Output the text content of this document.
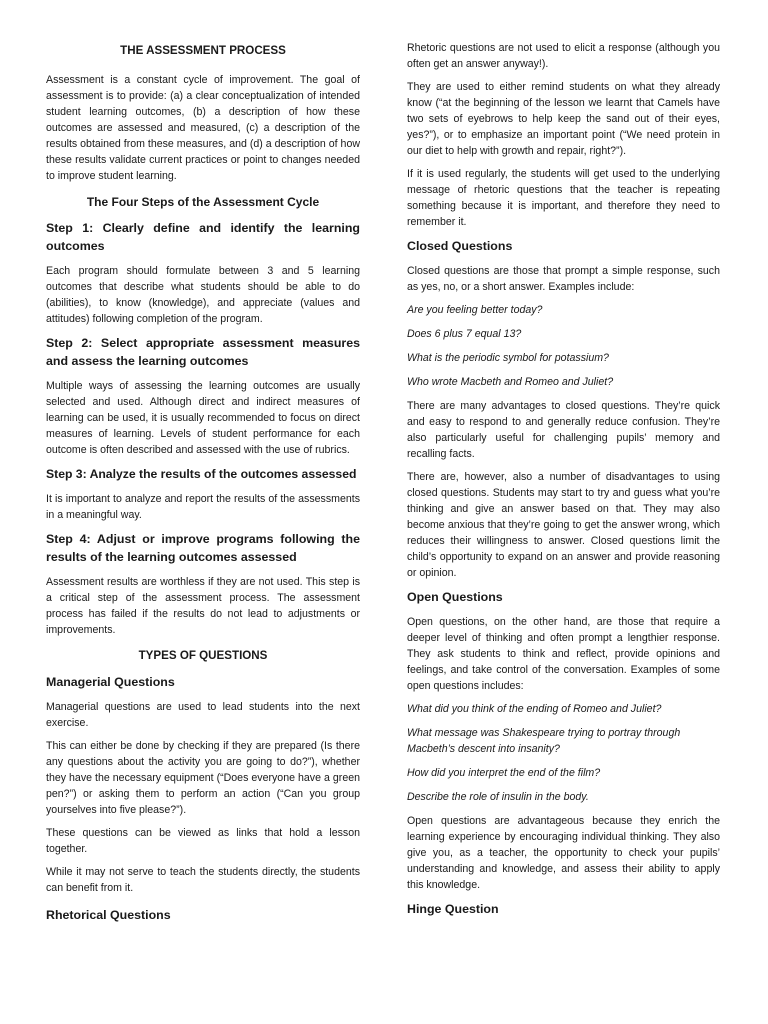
THE ASSESSMENT PROCESS

Assessment is a constant cycle of improvement. The goal of assessment is to provide: (a) a clear conceptualization of intended student learning outcomes, (b) a description of how these outcomes are assessed and measured, (c) a description of the results obtained from these measures, and (d) a description of how these results validate current practices or point to changes needed to improve student learning.

The Four Steps of the Assessment Cycle
Step 1: Clearly define and identify the learning outcomes

Each program should formulate between 3 and 5 learning outcomes that describe what students should be able to do (abilities), to know (knowledge), and appreciate (values and attitudes) following completion of the program.

Step 2: Select appropriate assessment measures and assess the learning outcomes

Multiple ways of assessing the learning outcomes are usually selected and used. Although direct and indirect measures of learning can be used, it is usually recommended to focus on direct measures of learning. Levels of student performance for each outcome is often described and assessed with the use of rubrics.

Step 3: Analyze the results of the outcomes assessed

It is important to analyze and report the results of the assessments in a meaningful way.

Step 4: Adjust or improve programs following the results of the learning outcomes assessed

Assessment results are worthless if they are not used. This step is a critical step of the assessment process. The assessment process has failed if the results do not lead to adjustments or improvements.

TYPES OF QUESTIONS
Managerial Questions

Managerial questions are used to lead students into the next exercise.

This can either be done by checking if they are prepared (Is there any questions about the activity you are going to do?”), whether they have the necessary equipment (“Does everyone have a green pen?”) or asking them to perform an action (“Can you group yourselves into five please?”).

These questions can be viewed as links that hold a lesson together.

While it may not serve to teach the students directly, the students can benefit from it.

Rhetorical Questions

Rhetoric questions are not used to elicit a response (although you often get an answer anyway!).

They are used to either remind students on what they already know (“at the beginning of the lesson we learnt that Camels have two sets of eyebrows to help keep the sand out of their eyes, yes?”), or to emphasize an important point (“We need protein in our diet to help with growth and repair, right?”).

If it is used regularly, the students will get used to the underlying message of rhetoric questions that the teacher is repeating something because it is important, and therefore they need to remember it.

Closed Questions

Closed questions are those that prompt a simple response, such as yes, no, or a short answer. Examples include:

Are you feeling better today?

Does 6 plus 7 equal 13?

What is the periodic symbol for potassium?

Who wrote Macbeth and Romeo and Juliet?

There are many advantages to closed questions. They’re quick and easy to respond to and generally reduce confusion. They’re also particularly useful for challenging pupils’ memory and recalling facts.

There are, however, also a number of disadvantages to using closed questions. Students may start to try and guess what you’re thinking and give an answer based on that. They may also become anxious that they’re going to get the answer wrong, which reduces their willingness to answer. Closed questions limit the child’s opportunity to expand on an answer and provide reasoning or opinion.

Open Questions

Open questions, on the other hand, are those that require a deeper level of thinking and often prompt a lengthier response. They ask students to think and reflect, provide opinions and feelings, and take control of the conversation. Examples of some open questions includes:

What did you think of the ending of Romeo and Juliet?

What message was Shakespeare trying to portray through Macbeth’s descent into insanity?

How did you interpret the end of the film?

Describe the role of insulin in the body.

Open questions are advantageous because they enrich the learning experience by encouraging individual thinking. They also give you, as a teacher, the opportunity to check your pupils’ understanding and knowledge, and assess their ability to apply this knowledge.

Hinge Question
